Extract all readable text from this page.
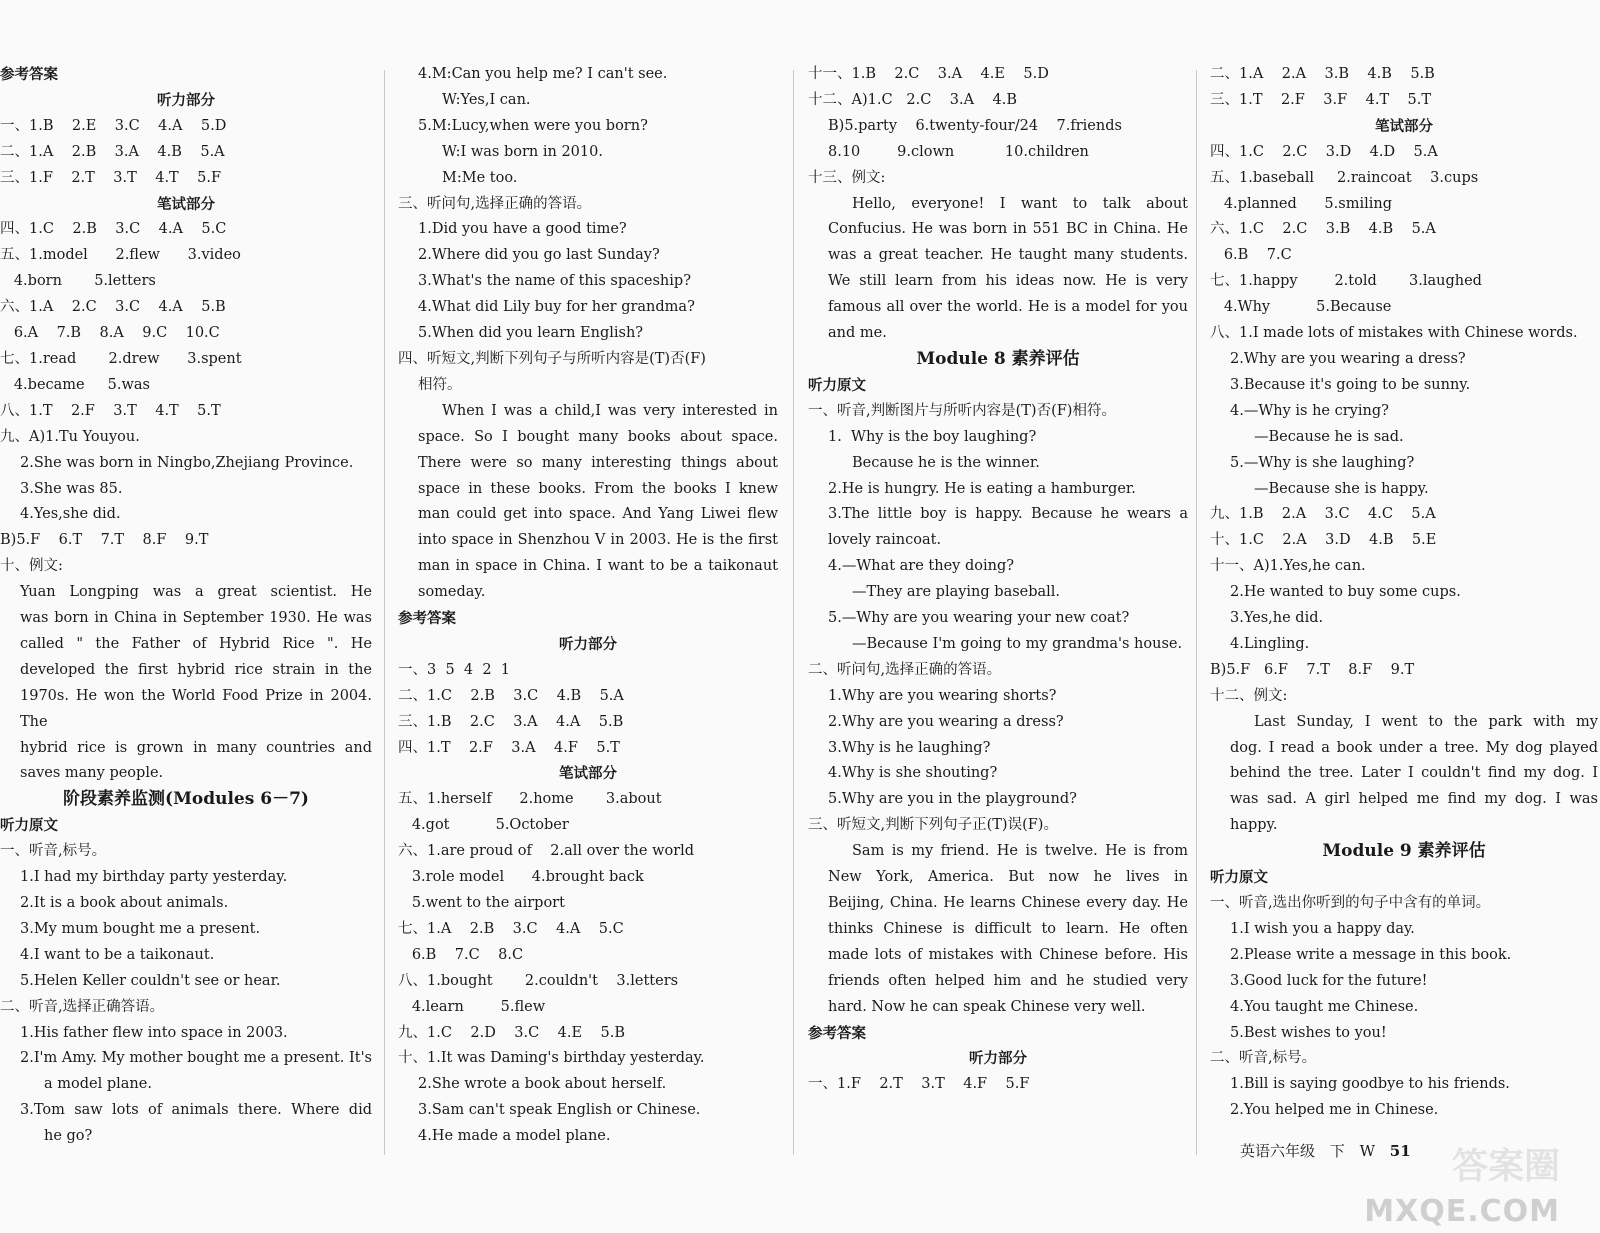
参考答案
听力部分
一、1.B    2.E    3.C    4.A    5.D
二、1.A    2.B    3.A    4.B    5.A
三、1.F    2.T    3.T    4.T    5.F
笔试部分
四、1.C    2.B    3.C    4.A    5.C
五、1.model      2.flew      3.video
4.born       5.letters
六、1.A    2.C    3.C    4.A    5.B
6.A    7.B    8.A    9.C    10.C
七、1.read       2.drew      3.spent
4.became     5.was
八、1.T    2.F    3.T    4.T    5.T
九、A)1.Tu Youyou.
2.She was born in Ningbo,Zhejiang Province.
3.She was 85.
4.Yes,she did.
B)5.F    6.T    7.T    8.F    9.T
十、例文:
Yuan Longping was a great scientist. He
was born in China in September 1930. He was
called " the Father of Hybrid Rice ". He
developed the first hybrid rice strain in the
1970s. He won the World Food Prize in 2004. The
hybrid rice is grown in many countries and
saves many people.
阶段素养监测(Modules 6－7)
听力原文
一、听音,标号。
1.I had my birthday party yesterday.
2.It is a book about animals.
3.My mum bought me a present.
4.I want to be a taikonaut.
5.Helen Keller couldn't see or hear.
二、听音,选择正确答语。
1.His father flew into space in 2003.
2.I'm Amy. My mother bought me a present. It's
a model plane.
3.Tom saw lots of animals there. Where did
he go?
4.M:Can you help me? I can't see.
W:Yes,I can.
5.M:Lucy,when were you born?
W:I was born in 2010.
M:Me too.
三、听问句,选择正确的答语。
1.Did you have a good time?
2.Where did you go last Sunday?
3.What's the name of this spaceship?
4.What did Lily buy for her grandma?
5.When did you learn English?
四、听短文,判断下列句子与所听内容是(T)否(F)
相符。
When I was a child,I was very interested in
space. So I bought many books about space.
There were so many interesting things about
space in these books. From the books I knew
man could get into space. And Yang Liwei flew
into space in Shenzhou V in 2003. He is the first
man in space in China. I want to be a taikonaut
someday.
参考答案
听力部分
一、3  5  4  2  1
二、1.C    2.B    3.C    4.B    5.A
三、1.B    2.C    3.A    4.A    5.B
四、1.T    2.F    3.A    4.F    5.T
笔试部分
五、1.herself      2.home       3.about
4.got          5.October
六、1.are proud of    2.all over the world
3.role model      4.brought back
5.went to the airport
七、1.A    2.B    3.C    4.A    5.C
6.B    7.C    8.C
八、1.bought       2.couldn't    3.letters
4.learn        5.flew
九、1.C    2.D    3.C    4.E    5.B
十、1.It was Daming's birthday yesterday.
2.She wrote a book about herself.
3.Sam can't speak English or Chinese.
4.He made a model plane.
十一、1.B    2.C    3.A    4.E    5.D
十二、A)1.C   2.C    3.A    4.B
B)5.party    6.twenty-four/24    7.friends
8.10        9.clown           10.children
十三、例文:
Hello, everyone! I want to talk about
Confucius. He was born in 551 BC in China. He
was a great teacher. He taught many students.
We still learn from his ideas now. He is very
famous all over the world. He is a model for you
and me.
Module 8 素养评估
听力原文
一、听音,判断图片与所听内容是(T)否(F)相符。
1.  Why is the boy laughing?
Because he is the winner.
2.He is hungry. He is eating a hamburger.
3.The little boy is happy. Because he wears a
lovely raincoat.
4.—What are they doing?
—They are playing baseball.
5.—Why are you wearing your new coat?
—Because I'm going to my grandma's house.
二、听问句,选择正确的答语。
1.Why are you wearing shorts?
2.Why are you wearing a dress?
3.Why is he laughing?
4.Why is she shouting?
5.Why are you in the playground?
三、听短文,判断下列句子正(T)误(F)。
Sam is my friend. He is twelve. He is from
New York, America. But now he lives in
Beijing, China. He learns Chinese every day. He
thinks Chinese is difficult to learn. He often
made lots of mistakes with Chinese before. His
friends often helped him and he studied very
hard. Now he can speak Chinese very well.
参考答案
听力部分
一、1.F    2.T    3.T    4.F    5.F
二、1.A    2.A    3.B    4.B    5.B
三、1.T    2.F    3.F    4.T    5.T
笔试部分
四、1.C    2.C    3.D    4.D    5.A
五、1.baseball     2.raincoat    3.cups
4.planned      5.smiling
六、1.C    2.C    3.B    4.B    5.A
6.B    7.C
七、1.happy        2.told       3.laughed
4.Why          5.Because
八、1.I made lots of mistakes with Chinese words.
2.Why are you wearing a dress?
3.Because it's going to be sunny.
4.—Why is he crying?
—Because he is sad.
5.—Why is she laughing?
—Because she is happy.
九、1.B    2.A    3.C    4.C    5.A
十、1.C    2.A    3.D    4.B    5.E
十一、A)1.Yes,he can.
2.He wanted to buy some cups.
3.Yes,he did.
4.Lingling.
B)5.F   6.F    7.T    8.F    9.T
十二、例文:
Last Sunday, I went to the park with my
dog. I read a book under a tree. My dog played
behind the tree. Later I couldn't find my dog. I
was sad. A girl helped me find my dog. I was
happy.
Module 9 素养评估
听力原文
一、听音,选出你听到的句子中含有的单词。
1.I wish you a happy day.
2.Please write a message in this book.
3.Good luck for the future!
4.You taught me Chinese.
5.Best wishes to you!
二、听音,标号。
1.Bill is saying goodbye to his friends.
2.You helped me in Chinese.
英语六年级 下 W 51	答案圈
MXQE.COM
